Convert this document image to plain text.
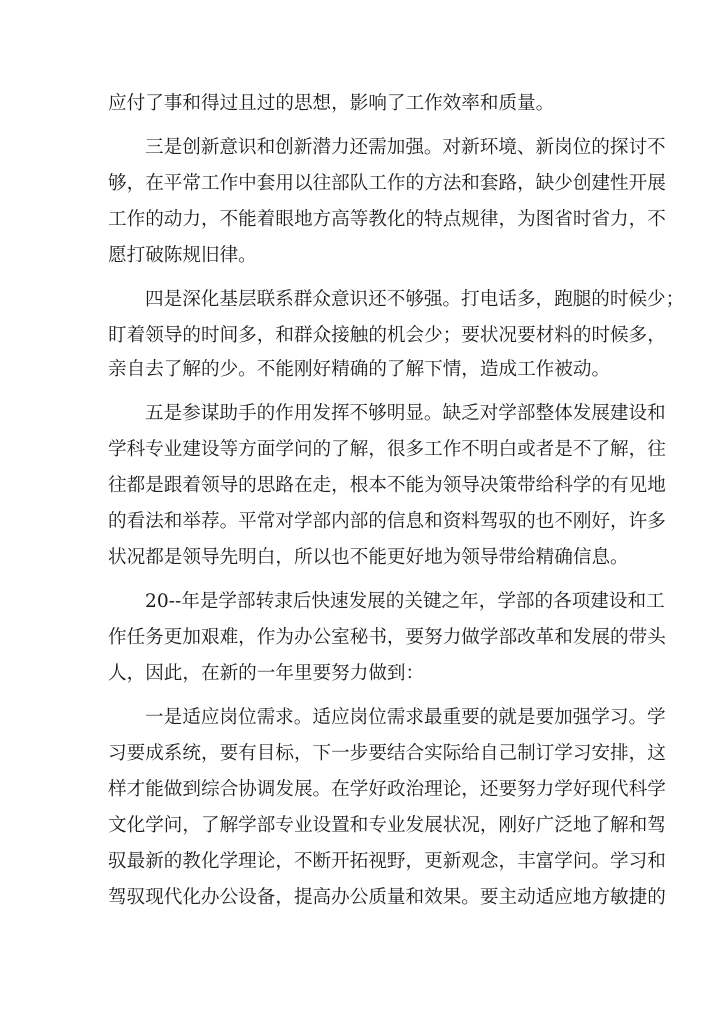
应付了事和得过且过的思想，影响了工作效率和质量。
三是创新意识和创新潜力还需加强。对新环境、新岗位的探讨不
够，在平常工作中套用以往部队工作的方法和套路，缺少创建性开展
工作的动力，不能着眼地方高等教化的特点规律，为图省时省力，不
愿打破陈规旧律。
四是深化基层联系群众意识还不够强。打电话多，跑腿的时候少；
盯着领导的时间多，和群众接触的机会少；要状况要材料的时候多，
亲自去了解的少。不能刚好精确的了解下情，造成工作被动。
五是参谋助手的作用发挥不够明显。缺乏对学部整体发展建设和
学科专业建设等方面学问的了解，很多工作不明白或者是不了解，往
往都是跟着领导的思路在走，根本不能为领导决策带给科学的有见地
的看法和举荐。平常对学部内部的信息和资料驾驭的也不刚好，许多
状况都是领导先明白，所以也不能更好地为领导带给精确信息。
20--年是学部转隶后快速发展的关键之年，学部的各项建设和工
作任务更加艰难，作为办公室秘书，要努力做学部改革和发展的带头
人，因此，在新的一年里要努力做到：
一是适应岗位需求。适应岗位需求最重要的就是要加强学习。学
习要成系统，要有目标，下一步要结合实际给自己制订学习安排，这
样才能做到综合协调发展。在学好政治理论，还要努力学好现代科学
文化学问，了解学部专业设置和专业发展状况，刚好广泛地了解和驾
驭最新的教化学理论，不断开拓视野，更新观念，丰富学问。学习和
驾驭现代化办公设备，提高办公质量和效果。要主动适应地方敏捷的
